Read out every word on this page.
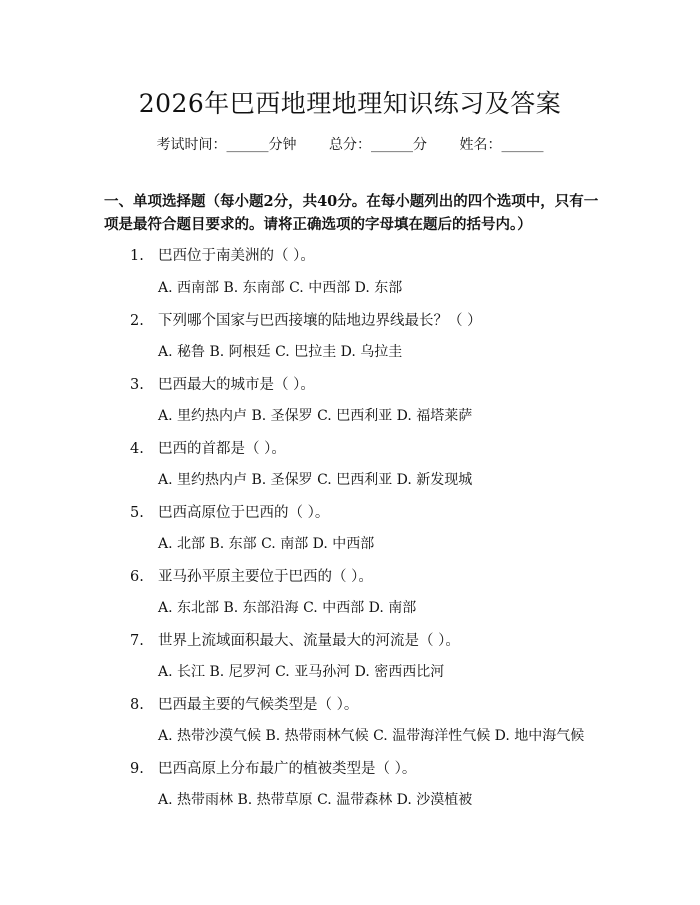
2026年巴西地理地理知识练习及答案
考试时间：______分钟 总分：______分 姓名：______
一、单项选择题（每小题2分，共40分。在每小题列出的四个选项中，只有一项是最符合题目要求的。请将正确选项的字母填在题后的括号内。）
1. 巴西位于南美洲的（ ）。
A. 西南部 B. 东南部 C. 中西部 D. 东部
2. 下列哪个国家与巴西接壤的陆地边界线最长？（ ）
A. 秘鲁 B. 阿根廷 C. 巴拉圭 D. 乌拉圭
3. 巴西最大的城市是（ ）。
A. 里约热内卢 B. 圣保罗 C. 巴西利亚 D. 福塔莱萨
4. 巴西的首都是（ ）。
A. 里约热内卢 B. 圣保罗 C. 巴西利亚 D. 新发现城
5. 巴西高原位于巴西的（ ）。
A. 北部 B. 东部 C. 南部 D. 中西部
6. 亚马孙平原主要位于巴西的（ ）。
A. 东北部 B. 东部沿海 C. 中西部 D. 南部
7. 世界上流域面积最大、流量最大的河流是（ ）。
A. 长江 B. 尼罗河 C. 亚马孙河 D. 密西西比河
8. 巴西最主要的气候类型是（ ）。
A. 热带沙漠气候 B. 热带雨林气候 C. 温带海洋性气候 D. 地中海气候
9. 巴西高原上分布最广的植被类型是（ ）。
A. 热带雨林 B. 热带草原 C. 温带森林 D. 沙漠植被
